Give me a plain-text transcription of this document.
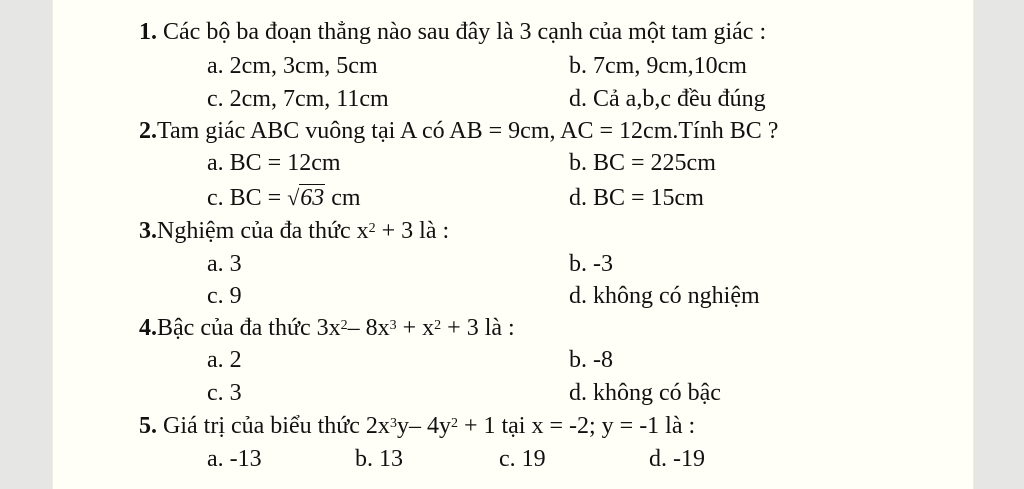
1. Các bộ ba đoạn thẳng nào sau đây là 3 cạnh của một tam giác :
a. 2cm, 3cm, 5cm	b. 7cm, 9cm,10cm
c. 2cm, 7cm, 11cm	d. Cả a,b,c đều đúng
2.Tam giác ABC vuông tại A có AB = 9cm, AC = 12cm.Tính BC ?
a. BC = 12cm	b. BC = 225cm
c. BC = √63 cm	d. BC = 15cm
3.Nghiệm của đa thức $x^2 + 3$ là :
a. 3	b. -3
c. 9	d. không có nghiệm
4.Bậc của đa thức $3x^2-$ $8x^3 + x^2 + 3$ là :
a. 2	b. -8
c. 3	d. không có bậc
5. Giá trị của biểu thức $2x^3y-$ $4y^2 + 1$ tại x = -2; y = -1 là :
a. -13	b. 13	c. 19	d. -19
